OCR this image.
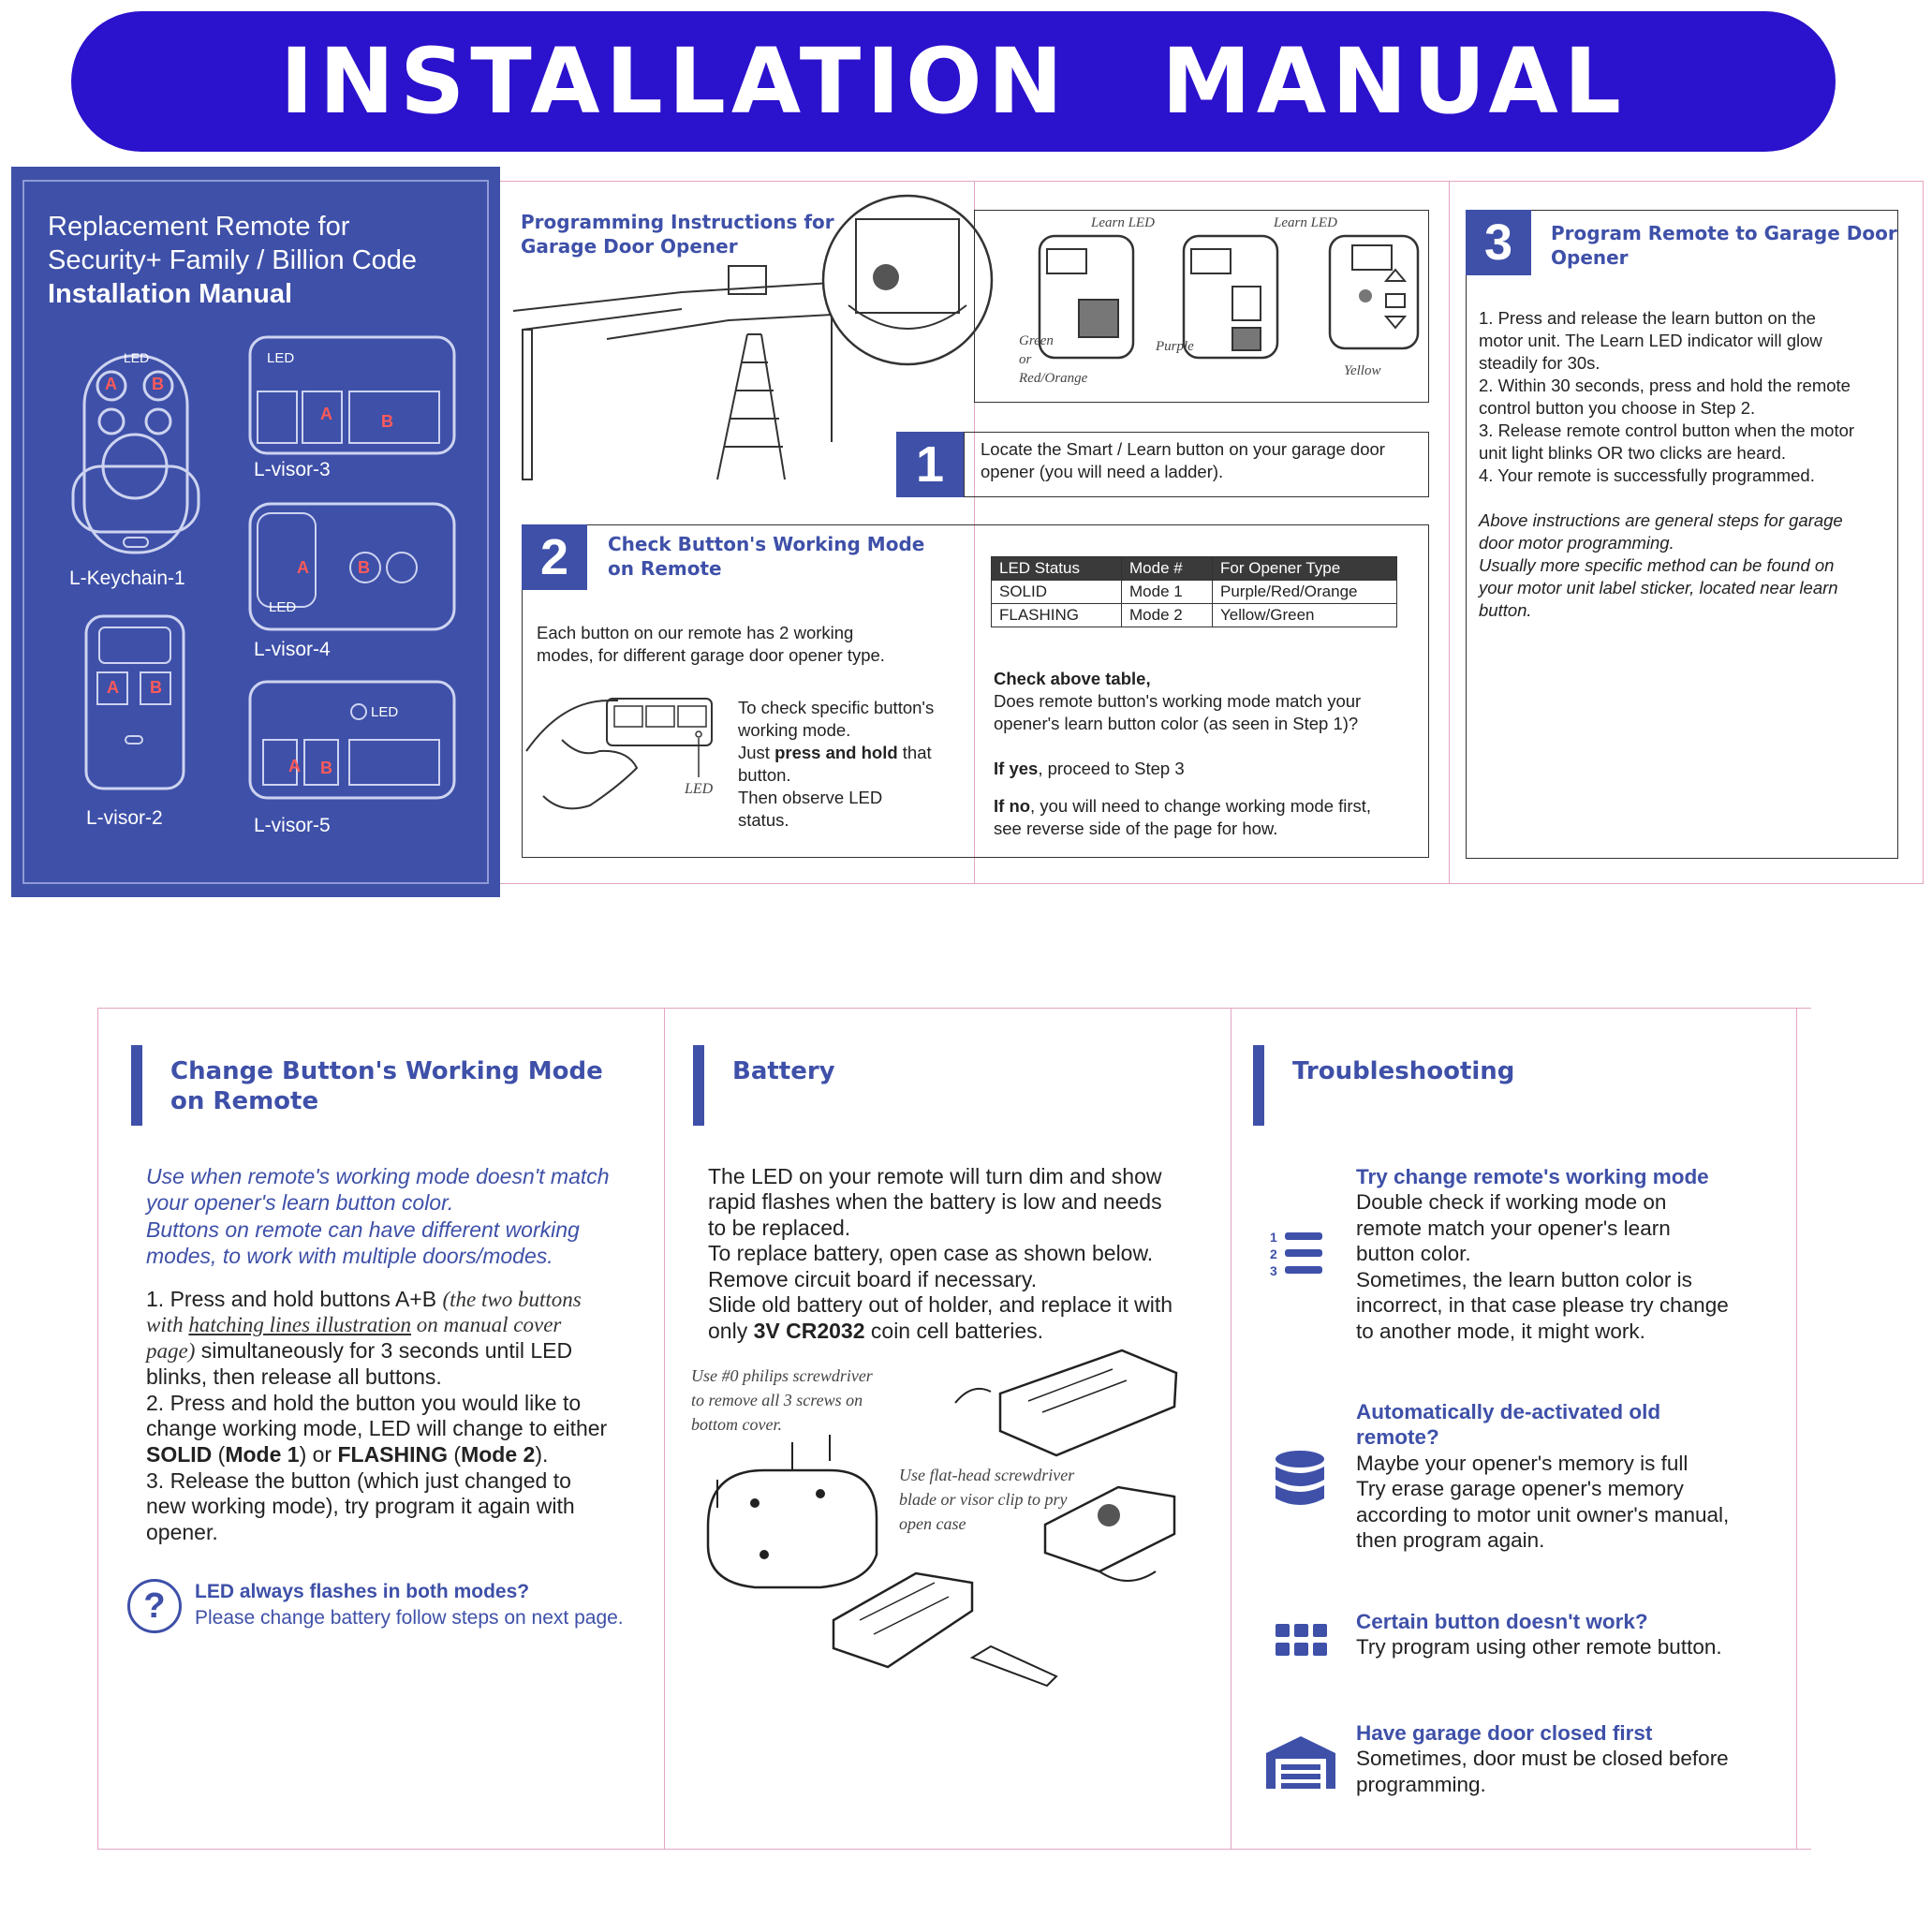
INSTALLATION MANUAL
Replacement Remote for
Security+ Family / Billion Code
Installation Manual
A B
LED
L-Keychain-1
LED
A	B
L-visor-3
A	B
LED
L-visor-4
A B
L-visor-2
LED
A B
L-visor-5
Programming Instructions for
Garage Door Opener
Learn LED	Learn LED
Green
or
Red/Orange
Purple
Yellow
1	Locate the Smart / Learn button on your garage door
opener (you will need a ladder).
2	Check Button's Working Mode
on Remote
Each button on our remote has 2 working
modes, for different garage door opener type.
LED
To check specific button's
working mode.
Just press and hold that
button.
Then observe LED
status.
LED Status	Mode #	For Opener Type
SOLID	Mode 1	Purple/Red/Orange
FLASHING	Mode 2	Yellow/Green
Check above table,
Does remote button's working mode match your
opener's learn button color (as seen in Step 1)?
If yes, proceed to Step 3
If no, you will need to change working mode first,
see reverse side of the page for how.
3	Program Remote to Garage Door
Opener
1. Press and release the learn button on the
motor unit. The Learn LED indicator will glow
steadily for 30s.
2. Within 30 seconds, press and hold the remote
control button you choose in Step 2.
3. Release remote control button when the motor
unit light blinks OR two clicks are heard.
4. Your remote is successfully programmed.
Above instructions are general steps for garage
door motor programming.
Usually more specific method can be found on
your motor unit label sticker, located near learn
button.
Change Button's Working Mode
on Remote
Use when remote's working mode doesn't match
your opener's learn button color.
Buttons on remote can have different working
modes, to work with multiple doors/modes.
1. Press and hold buttons A+B (the two buttons
with hatching lines illustration on manual cover
page) simultaneously for 3 seconds until LED
blinks, then release all buttons.
2. Press and hold the button you would like to
change working mode, LED will change to either
SOLID (Mode 1) or FLASHING (Mode 2).
3. Release the button (which just changed to
new working mode), try program it again with
opener.
?	LED always flashes in both modes?
Please change battery follow steps on next page.
Battery
The LED on your remote will turn dim and show
rapid flashes when the battery is low and needs
to be replaced.
To replace battery, open case as shown below.
Remove circuit board if necessary.
Slide old battery out of holder, and replace it with
only 3V CR2032 coin cell batteries.
Use #0 philips screwdriver
to remove all 3 screws on
bottom cover.
Use flat-head screwdriver
blade or visor clip to pry
open case
Troubleshooting
1
2
3
Try change remote's working mode
Double check if working mode on
remote match your opener's learn
button color.
Sometimes, the learn button color is
incorrect, in that case please try change
to another mode, it might work.
Automatically de-activated old
remote?
Maybe your opener's memory is full
Try erase garage opener's memory
according to motor unit owner's manual,
then program again.
Certain button doesn't work?
Try program using other remote button.
Have garage door closed first
Sometimes, door must be closed before
programming.
